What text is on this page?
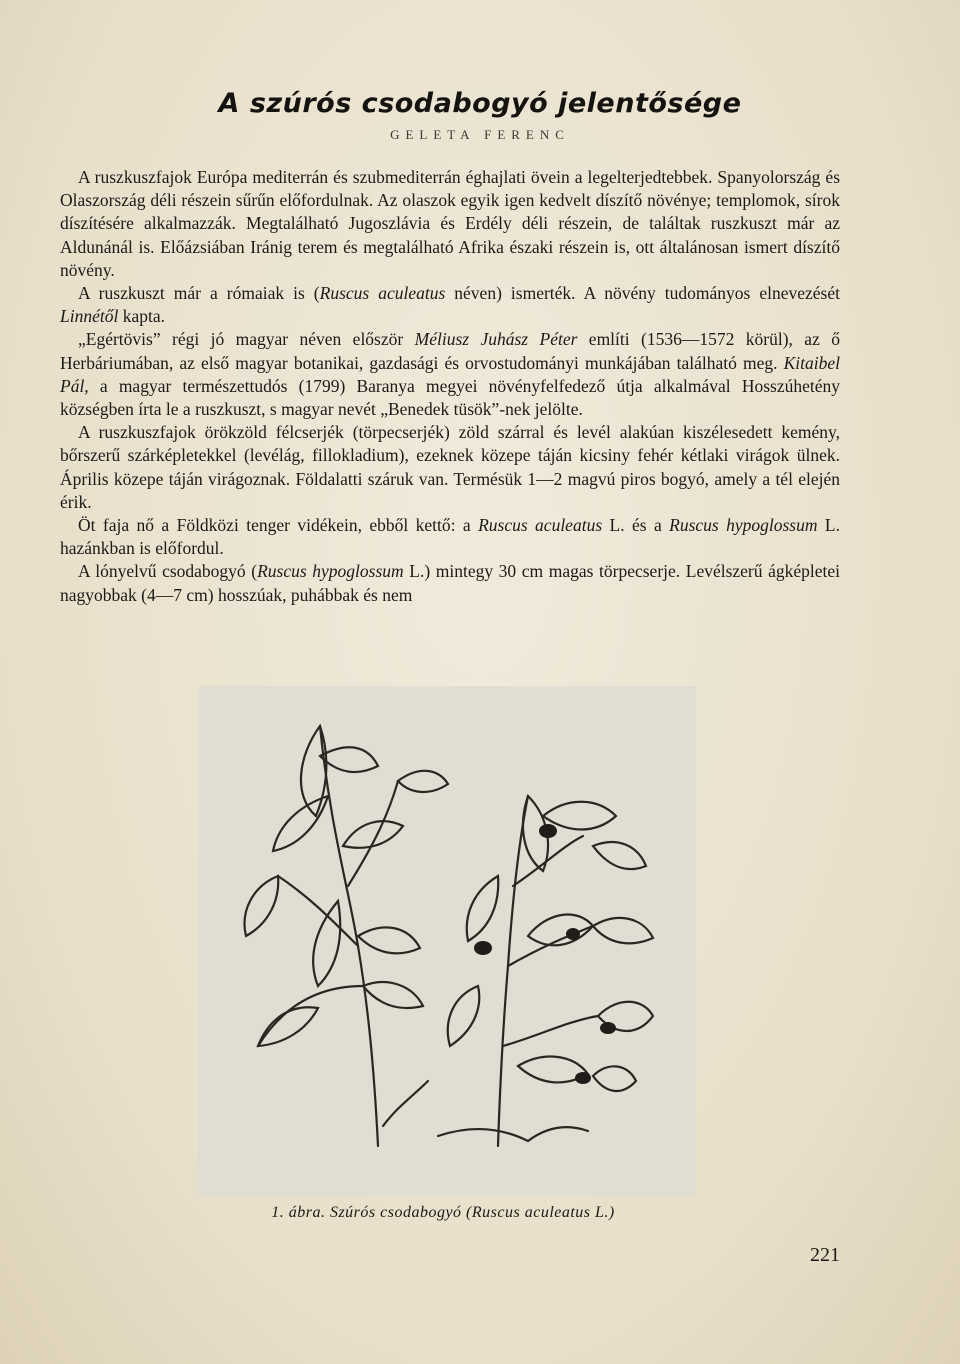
A szúrós csodabogyó jelentősége
GELETA FERENC

A ruszkuszfajok Európa mediterrán és szubmediterrán éghajlati övein a legelterjedtebbek. Spanyolország és Olaszország déli részein sűrűn előfordulnak. Az olaszok egyik igen kedvelt díszítő növénye; templomok, sírok díszítésére alkalmazzák. Megtalálható Jugoszlávia és Erdély déli részein, de találtak ruszkuszt már az Aldunánál is. Előázsiában Iránig terem és megtalálható Afrika északi részein is, ott általánosan ismert díszítő növény.

A ruszkuszt már a rómaiak is (Ruscus aculeatus néven) ismerték. A növény tudományos elnevezését Linnétől kapta.

„Egértövis” régi jó magyar néven először Méliusz Juhász Péter említi (1536—1572 körül), az ő Herbáriumában, az első magyar botanikai, gazdasági és orvostudományi munkájában található meg. Kitaibel Pál, a magyar természettudós (1799) Baranya megyei növényfelfedező útja alkalmával Hosszúhetény községben írta le a ruszkuszt, s magyar nevét „Benedek tüsök”-nek jelölte.

A ruszkuszfajok örökzöld félcserjék (törpecserjék) zöld szárral és levél alakúan kiszélesedett kemény, bőrszerű szárképletekkel (levélág, fillokladium), ezeknek közepe táján kicsiny fehér kétlaki virágok ülnek. Április közepe táján virágoznak. Földalatti száruk van. Termésük 1—2 magvú piros bogyó, amely a tél elején érik.

Öt faja nő a Földközi tenger vidékein, ebből kettő: a Ruscus aculeatus L. és a Ruscus hypoglossum L. hazánkban is előfordul.

A lónyelvű csodabogyó (Ruscus hypoglossum L.) mintegy 30 cm magas törpecserje. Levélszerű ágképletei nagyobbak (4—7 cm) hosszúak, puhábbak és nem

1. ábra. Szúrós csodabogyó (Ruscus aculeatus L.)
221
